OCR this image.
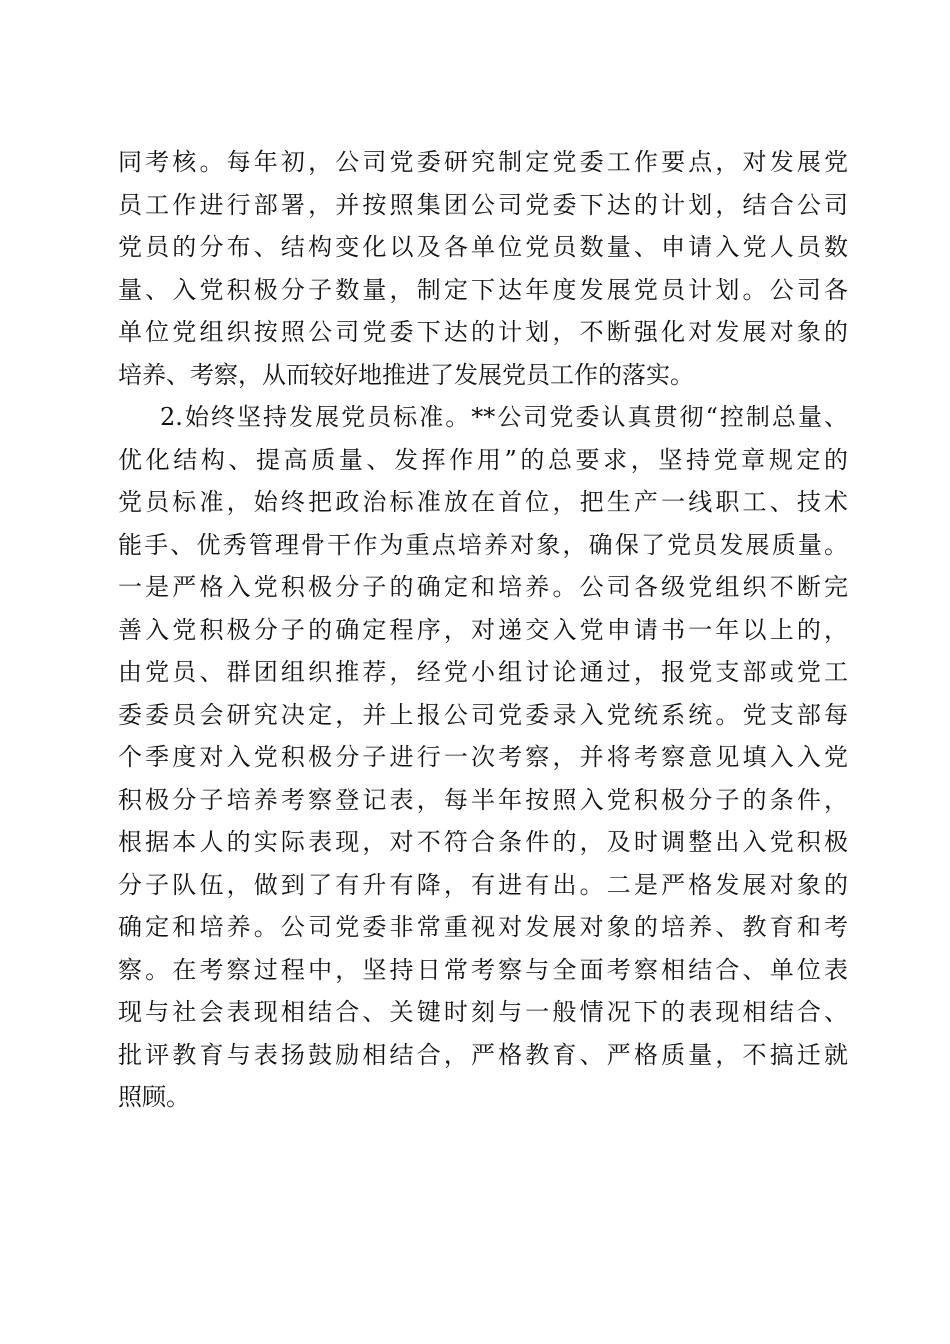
同考核。每年初，公司党委研究制定党委工作要点，对发展党
员工作进行部署，并按照集团公司党委下达的计划，结合公司
党员的分布、结构变化以及各单位党员数量、申请入党人员数
量、入党积极分子数量，制定下达年度发展党员计划。公司各
单位党组织按照公司党委下达的计划，不断强化对发展对象的
培养、考察，从而较好地推进了发展党员工作的落实。
2.始终坚持发展党员标准。**公司党委认真贯彻“控制总量、
优化结构、提高质量、发挥作用”的总要求，坚持党章规定的
党员标准，始终把政治标准放在首位，把生产一线职工、技术
能手、优秀管理骨干作为重点培养对象，确保了党员发展质量。
一是严格入党积极分子的确定和培养。公司各级党组织不断完
善入党积极分子的确定程序，对递交入党申请书一年以上的，
由党员、群团组织推荐，经党小组讨论通过，报党支部或党工
委委员会研究决定，并上报公司党委录入党统系统。党支部每
个季度对入党积极分子进行一次考察，并将考察意见填入入党
积极分子培养考察登记表，每半年按照入党积极分子的条件，
根据本人的实际表现，对不符合条件的，及时调整出入党积极
分子队伍，做到了有升有降，有进有出。二是严格发展对象的
确定和培养。公司党委非常重视对发展对象的培养、教育和考
察。在考察过程中，坚持日常考察与全面考察相结合、单位表
现与社会表现相结合、关键时刻与一般情况下的表现相结合、
批评教育与表扬鼓励相结合，严格教育、严格质量，不搞迁就
照顾。
